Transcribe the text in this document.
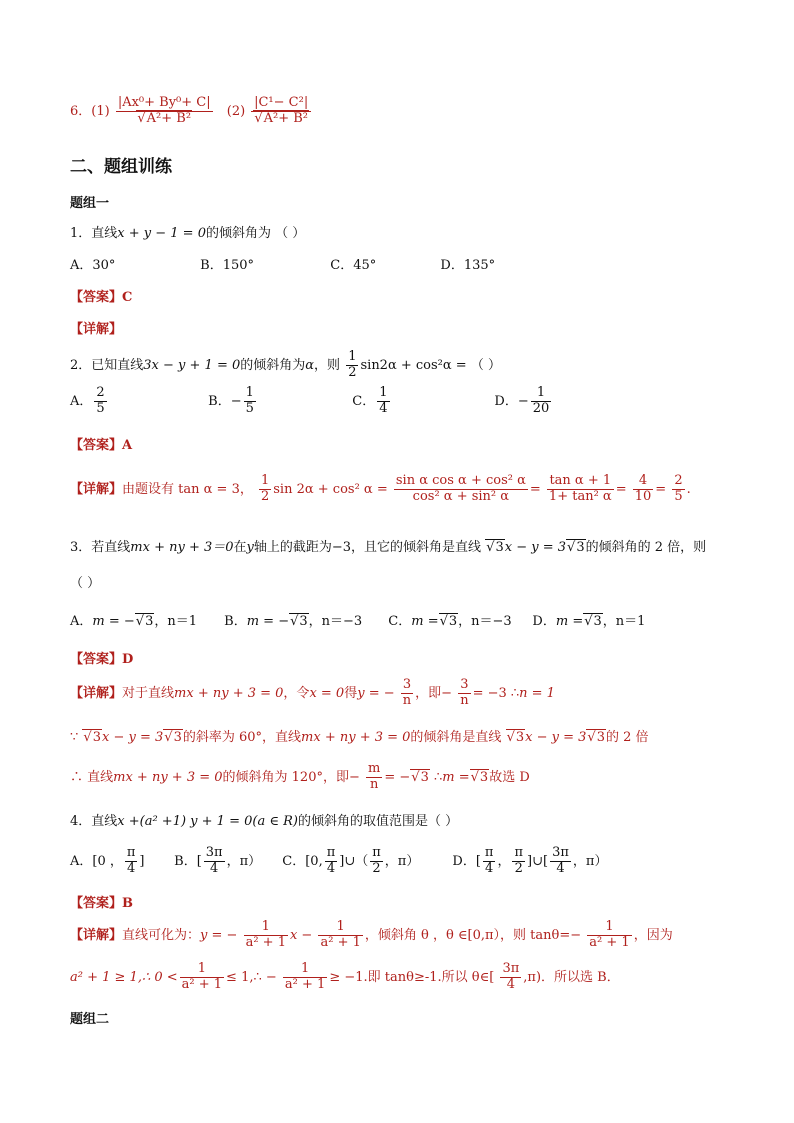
6．(1) |Ax⁰+ By⁰+ C|
√ A²+ B² (2) |C¹− C²|
√ A²+ B²
二、题组训练
题组一
1．直线x + y − 1 = 0的倾斜角为 （ ）
A．30°	B．150°	C．45°	D．135°
【答案】C
【详解】
2．已知直线3x − y + 1 = 0的倾斜角为α，则 $\frac{1}{2} \sin 2\alpha + \cos^2\alpha$ = （ ）
A． $\frac{2}{5}$	B．− $\frac{1}{5}$	C． $\frac{1}{4}$	D．− $\frac{1}{20}$
【答案】A
【详解】由题设有 tan α = 3， $\frac{1}{2}$ sin 2α + cos² $\alpha = \frac{\text{sin α cos α + cos² α}}{\text{cos² α + sin² α}} = \frac{\text{tan α + 1}}{\text{1+ tan² α}} = \frac{4}{10} = \frac{2}{5}$ .
3．若直线mx + ny + 3＝0在y轴上的截距为−3，且它的倾斜角是直线 √ 3x − y = 3 √ 3的倾斜角的 2 倍，则
（ ）
A．m = − √ 3，n＝1 B．m = − √ 3，n＝−3 C．m = √ 3，n＝−3 D．m = √ 3，n＝1
【答案】D
【详解】对于直线mx + ny + 3 = 0，令x = 0得y = − $\frac{3}{n}$ ，即− $\frac{3}{n} = -3$ ∴n = 1
∵ √ 3x − y = 3 √ 3的斜率为 60°，直线mx + ny + 3 = 0的倾斜角是直线 √ 3x − y = 3 √ 3的 2 倍
∴ 直线mx + ny + 3 = 0的倾斜角为 120°，即− $\frac{m}{n}$ = − √ 3 ∴m = √ 3故选 D
4．直线x +(a² +1) y + 1 = 0(a ∈ R)的倾斜角的取值范围是（ ）
A．[0 ， $\frac{\pi}{4}$ ] B．[ $\frac{3\pi}{4}$ ，π） C．[0, $\frac{\pi}{4}$ ]∪（ $\frac{\pi}{2}$ ，π）	D．[ $\frac{\pi}{4}$ ， $\frac{\pi}{2}$ ]∪[ $\frac{3\pi}{4}$ ，π）
【答案】B
【详解】直线可化为：y = − $\frac{1}{\text{a² + 1}}$ $x - \frac{1}{\text{a² + 1}}$ ，倾斜角 θ ，θ ∈[0,π），则 $\tan\theta=- \frac{1}{\text{a² + 1}}$ ，因为
a² + 1 ≥ 1,∴ $0 < \frac{1}{\text{a² + 1}}$ ≤ 1,∴ − $\frac{1}{\text{a² + 1}} \ge -1$.即 tanθ≥-1.所以 θ∈[ $\frac{3\pi}{4} ,\pi$)．所以选 B．
题组二
